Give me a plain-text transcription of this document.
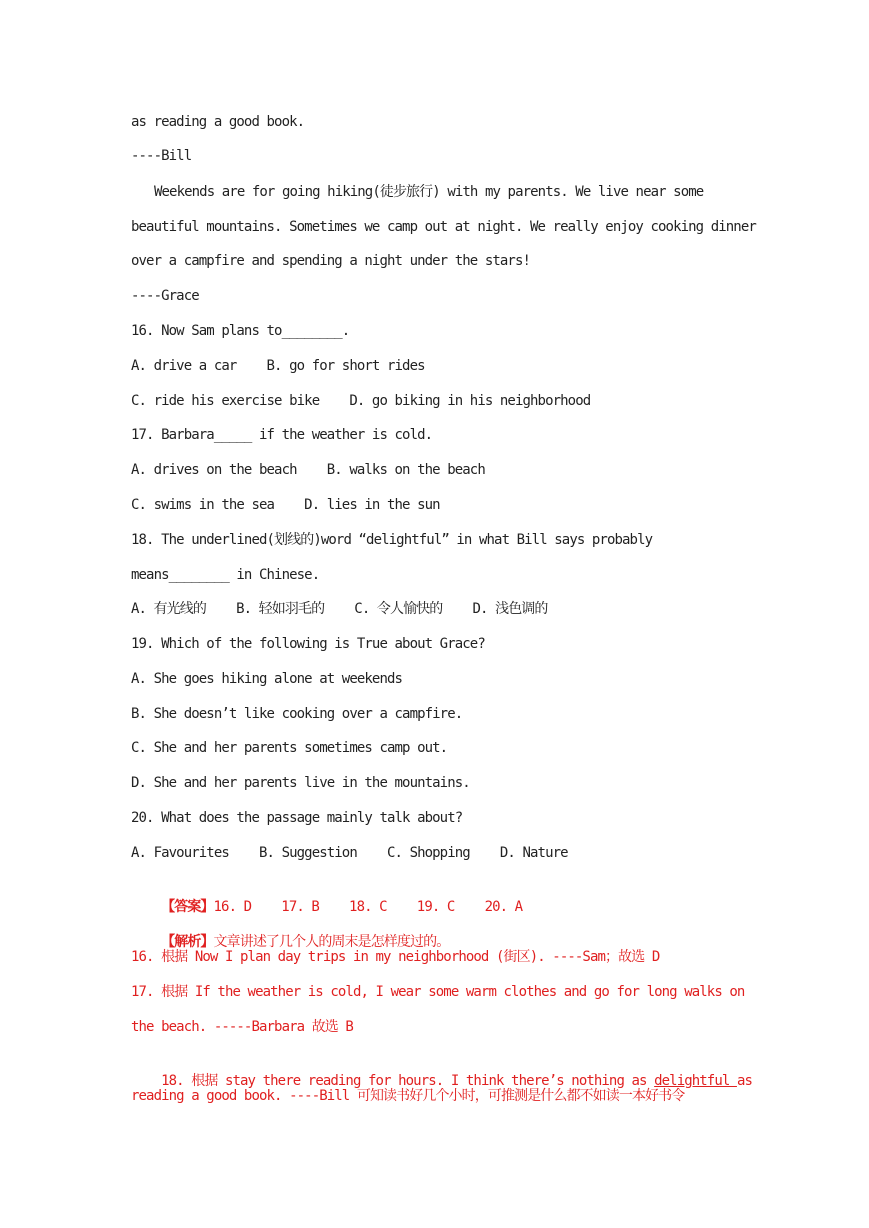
as reading a good book.
----Bill
Weekends are for going hiking(徒步旅行) with my parents. We live near some
beautiful mountains. Sometimes we camp out at night. We really enjoy cooking dinner
over a campfire and spending a night under the stars!
----Grace
16. Now Sam plans to________.
A. drive a car    B. go for short rides
C. ride his exercise bike    D. go biking in his neighborhood
17. Barbara_____ if the weather is cold.
A. drives on the beach    B. walks on the beach
C. swims in the sea    D. lies in the sun
18. The underlined(划线的)word “delightful” in what Bill says probably
means________ in Chinese.
A. 有光线的    B. 轻如羽毛的    C. 令人愉快的    D. 浅色调的
19. Which of the following is True about Grace?
A. She goes hiking alone at weekends
B. She doesn’t like cooking over a campfire.
C. She and her parents sometimes camp out.
D. She and her parents live in the mountains.
20. What does the passage mainly talk about?
A. Favourites    B. Suggestion    C. Shopping    D. Nature

【答案】16. D    17. B    18. C    19. C    20. A

【解析】文章讲述了几个人的周末是怎样度过的。

16. 根据 Now I plan day trips in my neighborhood (街区). ----Sam；故选 D
17. 根据 If the weather is cold, I wear some warm clothes and go for long walks on
the beach. -----Barbara 故选 B

18. 根据 stay there reading for hours. I think there’s nothing as delightful as

reading a good book. ----Bill 可知读书好几个小时，可推测是什么都不如读一本好书令
